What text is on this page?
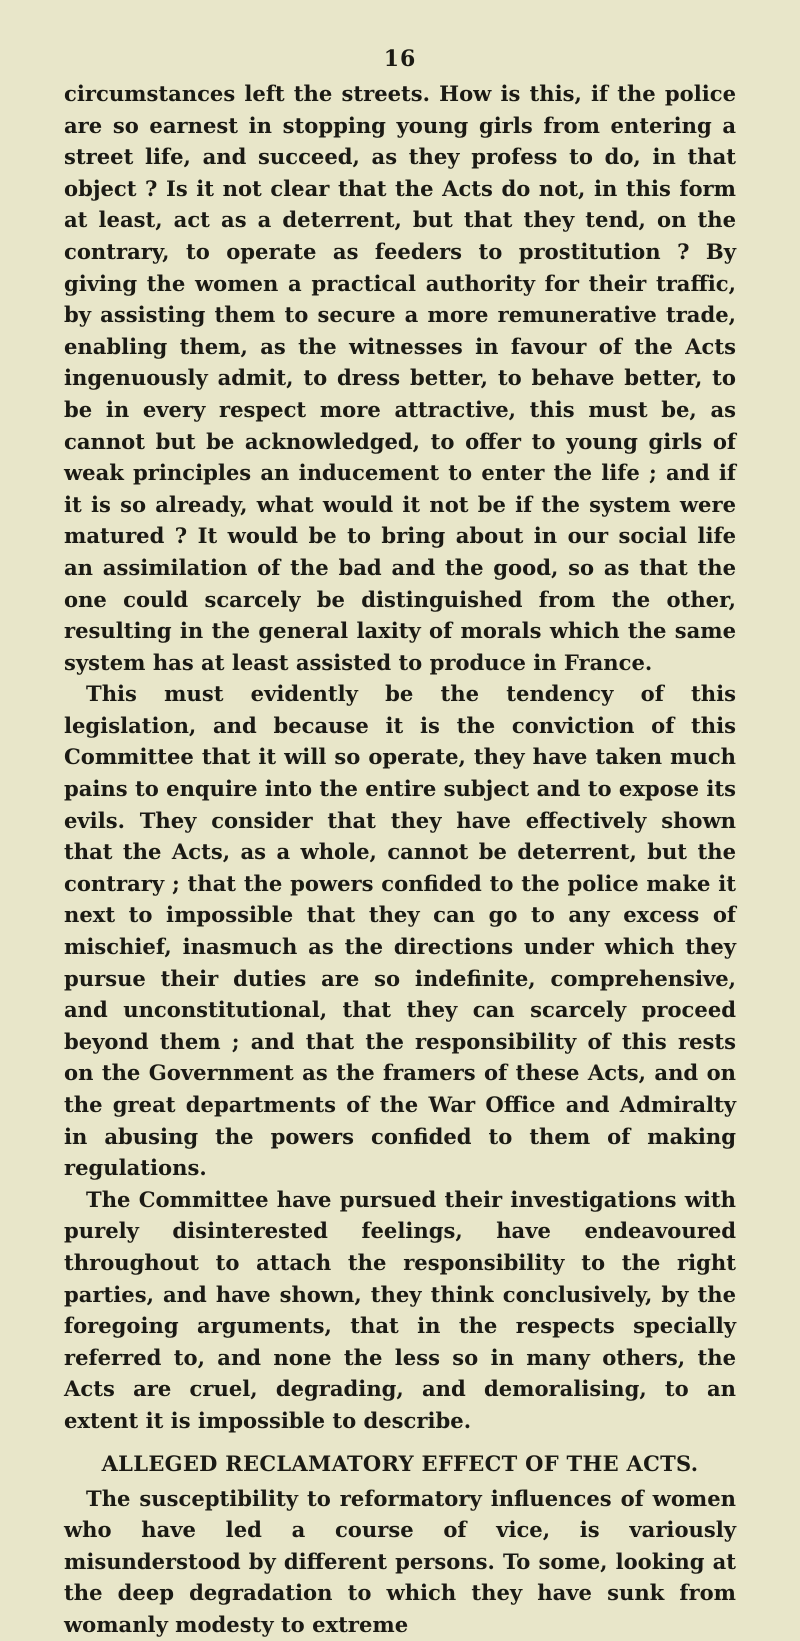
16

circumstances left the streets. How is this, if the police are so earnest in stopping young girls from entering a street life, and succeed, as they profess to do, in that object ? Is it not clear that the Acts do not, in this form at least, act as a deterrent, but that they tend, on the contrary, to operate as feeders to prostitution ? By giving the women a practical authority for their traffic, by assisting them to secure a more remunerative trade, enabling them, as the witnesses in favour of the Acts ingenuously admit, to dress better, to behave better, to be in every respect more attractive, this must be, as cannot but be acknowledged, to offer to young girls of weak principles an inducement to enter the life ; and if it is so already, what would it not be if the system were matured ? It would be to bring about in our social life an assimilation of the bad and the good, so as that the one could scarcely be distinguished from the other, resulting in the general laxity of morals which the same system has at least assisted to produce in France.

This must evidently be the tendency of this legislation, and because it is the conviction of this Committee that it will so operate, they have taken much pains to enquire into the entire subject and to expose its evils. They consider that they have effectively shown that the Acts, as a whole, cannot be deterrent, but the contrary ; that the powers confided to the police make it next to impossible that they can go to any excess of mischief, inasmuch as the directions under which they pursue their duties are so indefinite, comprehensive, and unconstitutional, that they can scarcely proceed beyond them ; and that the responsibility of this rests on the Government as the framers of these Acts, and on the great departments of the War Office and Admiralty in abusing the powers confided to them of making regulations.

The Committee have pursued their investigations with purely disinterested feelings, have endeavoured throughout to attach the responsibility to the right parties, and have shown, they think conclusively, by the foregoing arguments, that in the respects specially referred to, and none the less so in many others, the Acts are cruel, degrading, and demoralising, to an extent it is impossible to describe.

ALLEGED RECLAMATORY EFFECT OF THE ACTS.

The susceptibility to reformatory influences of women who have led a course of vice, is variously misunderstood by different persons. To some, looking at the deep degradation to which they have sunk from womanly modesty to extreme
